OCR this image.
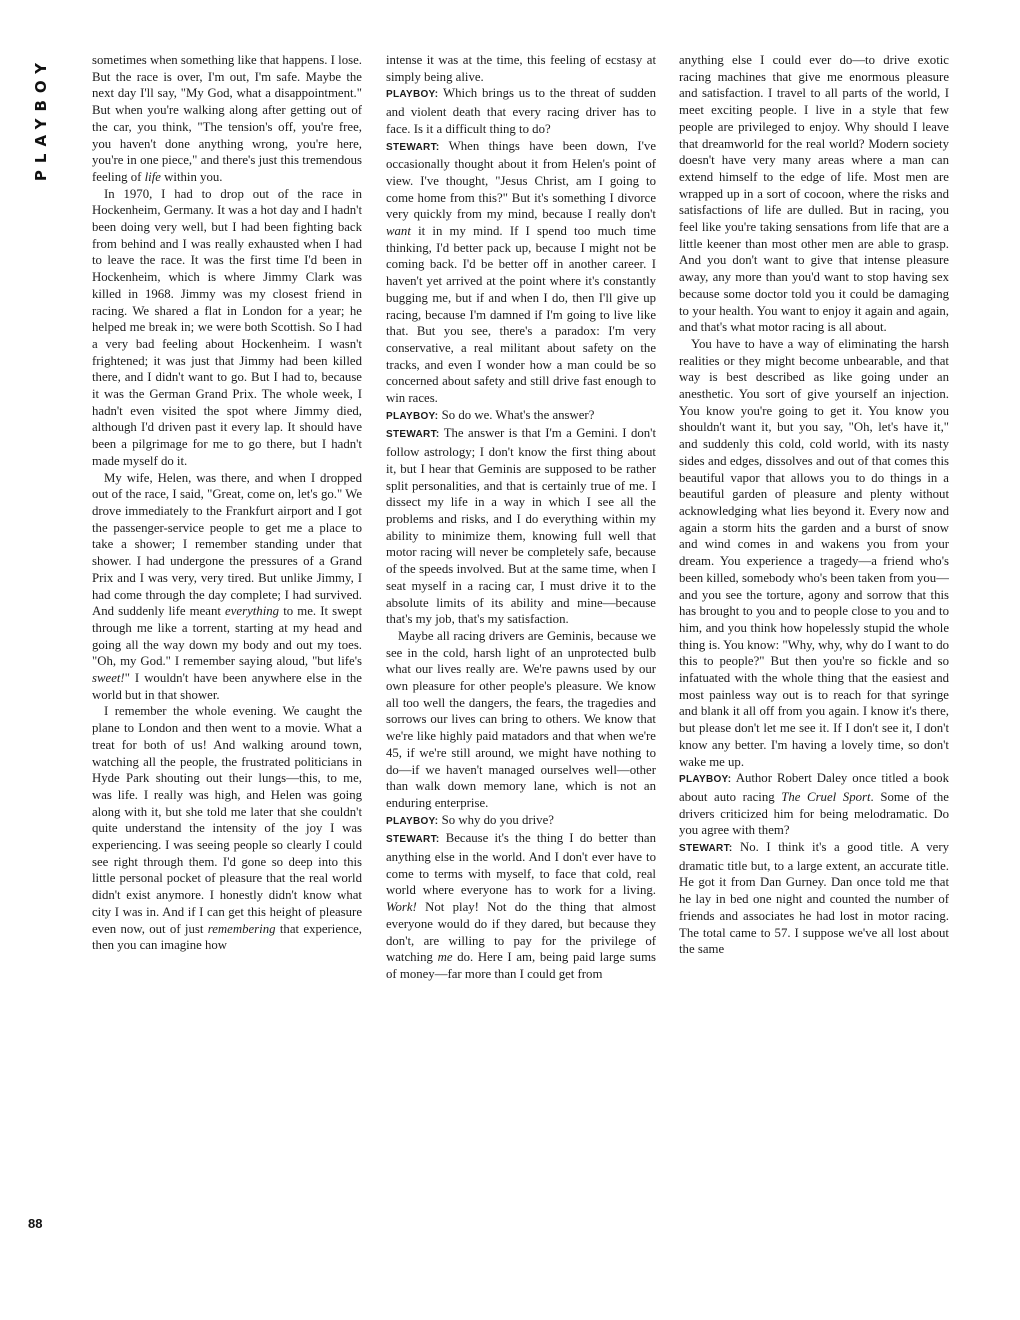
PLAYBOY
88

sometimes when something like that happens. I lose. But the race is over, I'm out, I'm safe. Maybe the next day I'll say, "My God, what a disappointment." But when you're walking along after getting out of the car, you think, "The tension's off, you're free, you haven't done anything wrong, you're here, you're in one piece," and there's just this tremendous feeling of life within you.

In 1970, I had to drop out of the race in Hockenheim, Germany. It was a hot day and I hadn't been doing very well, but I had been fighting back from behind and I was really exhausted when I had to leave the race. It was the first time I'd been in Hockenheim, which is where Jimmy Clark was killed in 1968. Jimmy was my closest friend in racing. We shared a flat in London for a year; he helped me break in; we were both Scottish. So I had a very bad feeling about Hockenheim. I wasn't frightened; it was just that Jimmy had been killed there, and I didn't want to go. But I had to, because it was the German Grand Prix. The whole week, I hadn't even visited the spot where Jimmy died, although I'd driven past it every lap. It should have been a pilgrimage for me to go there, but I hadn't made myself do it.

My wife, Helen, was there, and when I dropped out of the race, I said, "Great, come on, let's go." We drove immediately to the Frankfurt airport and I got the passenger-service people to get me a place to take a shower; I remember standing under that shower. I had undergone the pressures of a Grand Prix and I was very, very tired. But unlike Jimmy, I had come through the day complete; I had survived. And suddenly life meant everything to me. It swept through me like a torrent, starting at my head and going all the way down my body and out my toes. "Oh, my God." I remember saying aloud, "but life's sweet!" I wouldn't have been anywhere else in the world but in that shower.

I remember the whole evening. We caught the plane to London and then went to a movie. What a treat for both of us! And walking around town, watching all the people, the frustrated politicians in Hyde Park shouting out their lungs—this, to me, was life. I really was high, and Helen was going along with it, but she told me later that she couldn't quite understand the intensity of the joy I was experiencing. I was seeing people so clearly I could see right through them. I'd gone so deep into this little personal pocket of pleasure that the real world didn't exist anymore. I honestly didn't know what city I was in. And if I can get this height of pleasure even now, out of just remembering that experience, then you can imagine how

intense it was at the time, this feeling of ecstasy at simply being alive.

PLAYBOY: Which brings us to the threat of sudden and violent death that every racing driver has to face. Is it a difficult thing to do?

STEWART: When things have been down, I've occasionally thought about it from Helen's point of view. I've thought, "Jesus Christ, am I going to come home from this?" But it's something I divorce very quickly from my mind, because I really don't want it in my mind. If I spend too much time thinking, I'd better pack up, because I might not be coming back. I'd be better off in another career. I haven't yet arrived at the point where it's constantly bugging me, but if and when I do, then I'll give up racing, because I'm damned if I'm going to live like that. But you see, there's a paradox: I'm very conservative, a real militant about safety on the tracks, and even I wonder how a man could be so concerned about safety and still drive fast enough to win races.

PLAYBOY: So do we. What's the answer?

STEWART: The answer is that I'm a Gemini. I don't follow astrology; I don't know the first thing about it, but I hear that Geminis are supposed to be rather split personalities, and that is certainly true of me. I dissect my life in a way in which I see all the problems and risks, and I do everything within my ability to minimize them, knowing full well that motor racing will never be completely safe, because of the speeds involved. But at the same time, when I seat myself in a racing car, I must drive it to the absolute limits of its ability and mine—because that's my job, that's my satisfaction.

Maybe all racing drivers are Geminis, because we see in the cold, harsh light of an unprotected bulb what our lives really are. We're pawns used by our own pleasure for other people's pleasure. We know all too well the dangers, the fears, the tragedies and sorrows our lives can bring to others. We know that we're like highly paid matadors and that when we're 45, if we're still around, we might have nothing to do—if we haven't managed ourselves well—other than walk down memory lane, which is not an enduring enterprise.

PLAYBOY: So why do you drive?

STEWART: Because it's the thing I do better than anything else in the world. And I don't ever have to come to terms with myself, to face that cold, real world where everyone has to work for a living. Work! Not play! Not do the thing that almost everyone would do if they dared, but because they don't, are willing to pay for the privilege of watching me do. Here I am, being paid large sums of money—far more than I could get from

anything else I could ever do—to drive exotic racing machines that give me enormous pleasure and satisfaction. I travel to all parts of the world, I meet exciting people. I live in a style that few people are privileged to enjoy. Why should I leave that dreamworld for the real world? Modern society doesn't have very many areas where a man can extend himself to the edge of life. Most men are wrapped up in a sort of cocoon, where the risks and satisfactions of life are dulled. But in racing, you feel like you're taking sensations from life that are a little keener than most other men are able to grasp. And you don't want to give that intense pleasure away, any more than you'd want to stop having sex because some doctor told you it could be damaging to your health. You want to enjoy it again and again, and that's what motor racing is all about.

You have to have a way of eliminating the harsh realities or they might become unbearable, and that way is best described as like going under an anesthetic. You sort of give yourself an injection. You know you're going to get it. You know you shouldn't want it, but you say, "Oh, let's have it," and suddenly this cold, cold world, with its nasty sides and edges, dissolves and out of that comes this beautiful vapor that allows you to do things in a beautiful garden of pleasure and plenty without acknowledging what lies beyond it. Every now and again a storm hits the garden and a burst of snow and wind comes in and wakens you from your dream. You experience a tragedy—a friend who's been killed, somebody who's been taken from you—and you see the torture, agony and sorrow that this has brought to you and to people close to you and to him, and you think how hopelessly stupid the whole thing is. You know: "Why, why, why do I want to do this to people?" But then you're so fickle and so infatuated with the whole thing that the easiest and most painless way out is to reach for that syringe and blank it all off from you again. I know it's there, but please don't let me see it. If I don't see it, I don't know any better. I'm having a lovely time, so don't wake me up.

PLAYBOY: Author Robert Daley once titled a book about auto racing The Cruel Sport. Some of the drivers criticized him for being melodramatic. Do you agree with them?

STEWART: No. I think it's a good title. A very dramatic title but, to a large extent, an accurate title. He got it from Dan Gurney. Dan once told me that he lay in bed one night and counted the number of friends and associates he had lost in motor racing. The total came to 57. I suppose we've all lost about the same
